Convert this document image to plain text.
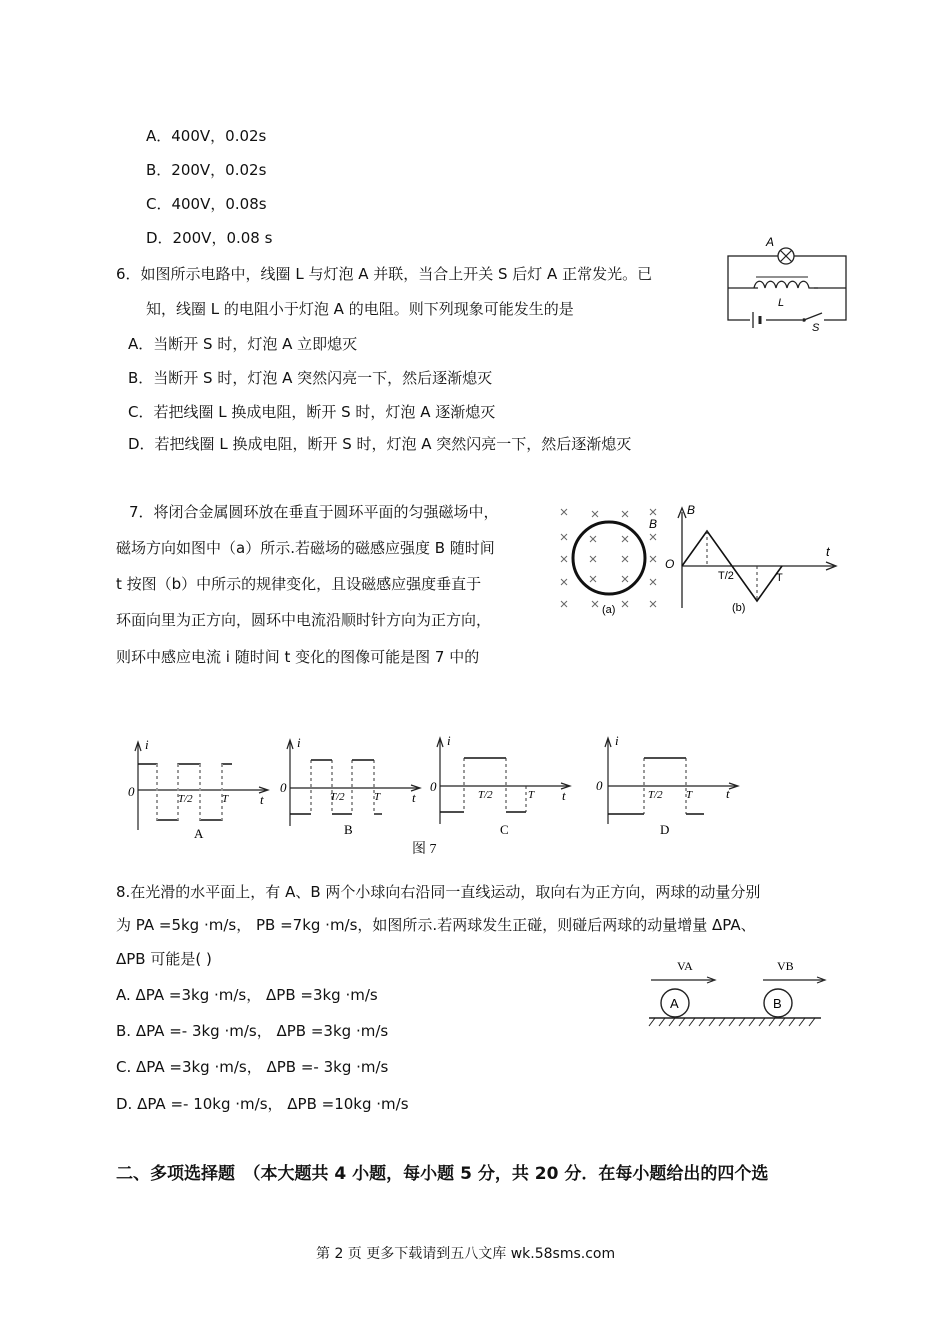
A．400V，0.02s
B．200V，0.02s
C．400V，0.08s
D．200V，0.08 s
6．如图所示电路中，线圈 L 与灯泡 A 并联，当合上开关 S 后灯 A 正常发光。已
知，线圈 L 的电阻小于灯泡 A 的电阻。则下列现象可能发生的是
A．当断开 S 时，灯泡 A 立即熄灭
B．当断开 S 时，灯泡 A 突然闪亮一下，然后逐渐熄灭
C．若把线圈 L 换成电阻，断开 S 时，灯泡 A 逐渐熄灭
D．若把线圈 L 换成电阻，断开 S 时，灯泡 A 突然闪亮一下，然后逐渐熄灭
A
L
S
7．将闭合金属圆环放在垂直于圆环平面的匀强磁场中，
磁场方向如图中（a）所示.若磁场的磁感应强度 B 随时间
t 按图（b）中所示的规律变化，且设磁感应强度垂直于
环面向里为正方向，圆环中电流沿顺时针方向为正方向，
则环中感应电流 i 随时间 t 变化的图像可能是图 7 中的
B
(a)
B
t
O
T/2	T
(b)
i
t
0	T/2	T
A
i
t
0
T/2	T
B
i
t
0
T/2	T
C
i
t
0
T/2 T
D
图 7
8.在光滑的水平面上，有 A、B 两个小球向右沿同一直线运动，取向右为正方向，两球的动量分别
为 PA =5kg ·m/s， PB =7kg ·m/s，如图所示.若两球发生正碰，则碰后两球的动量增量 ΔPA、
ΔPB 可能是( )
A. ΔPA =3kg ·m/s， ΔPB =3kg ·m/s
B. ΔPA =- 3kg ·m/s， ΔPB =3kg ·m/s
C. ΔPA =3kg ·m/s， ΔPB =- 3kg ·m/s
D. ΔPA =- 10kg ·m/s， ΔPB =10kg ·m/s
VA	VB
A	B
二、多项选择题　（本大题共 4 小题，每小题 5 分，共 20 分．在每小题给出的四个选
第 2 页 更多下载请到五八文库 wk.58sms.com
